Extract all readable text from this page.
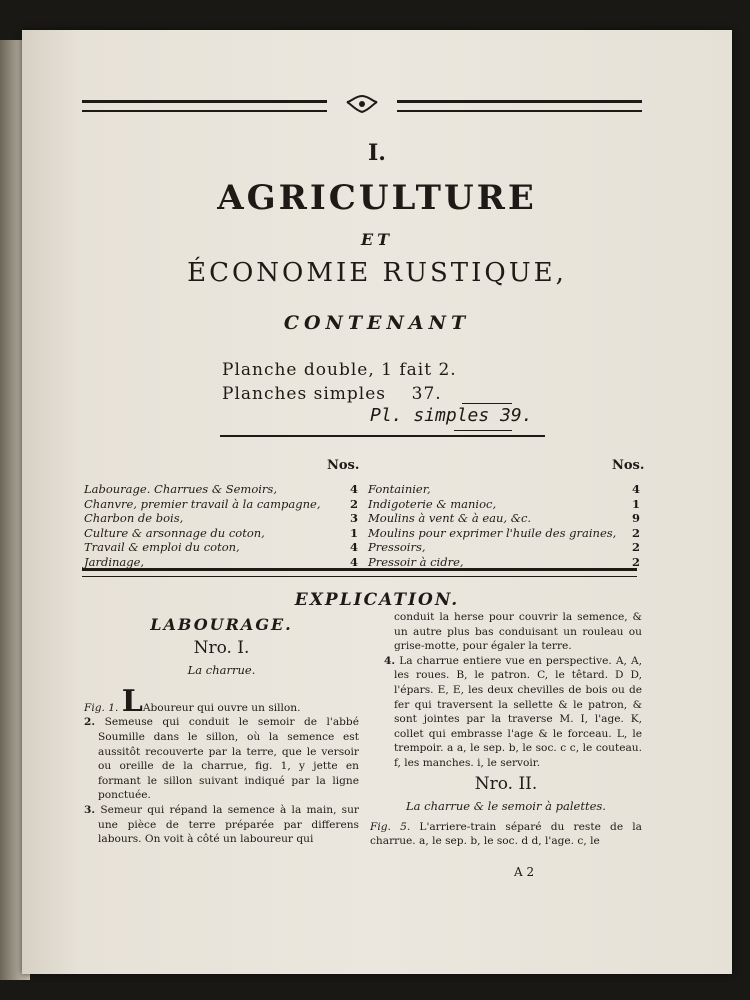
I.
AGRICULTURE
ET
ÉCONOMIE RUSTIQUE,
CONTENANT
Planche double, 1 fait 2.
Planches simples 37.
Pl. simples 39.
Nos.	Nos.
Labourage. Charrues & Semoirs,	4
Chanvre, premier travail à la campagne,	2
Charbon de bois,	3
Culture & arsonnage du coton,	1
Travail & emploi du coton,	4
Jardinage,	4
Fontainier,	4
Indigoterie & manioc,	1
Moulins à vent & à eau, &c.	9
Moulins pour exprimer l'huile des graines, 2
Pressoirs,	2
Pressoir à cidre,	2
EXPLICATION.
LABOURAGE.
Nro. I.
La charrue.

Fig. 1. LAboureur qui ouvre un sillon.

2. Semeuse qui conduit le semoir de l'abbé Soumille dans le sillon, où la semence est aussitôt recouverte par la terre, que le versoir ou oreille de la charrue, fig. 1, y jette en formant le sillon suivant indiqué par la ligne ponctuée.

3. Semeur qui répand la semence à la main, sur une pièce de terre préparée par differens labours. On voit à côté un laboureur qui

conduit la herse pour couvrir la semence, & un autre plus bas conduisant un rouleau ou grise-motte, pour égaler la terre.

4. La charrue entiere vue en perspective. A, A, les roues. B, le patron. C, le têtard. D D, l'épars. E, E, les deux chevilles de bois ou de fer qui traversent la sellette & le patron, & sont jointes par la traverse M. I, l'age. K, collet qui embrasse l'age & le forceau. L, le trempoir. a a, le sep. b, le soc. c c, le couteau. f, les manches. i, le servoir.

Nro. II.
La charrue & le semoir à palettes.

Fig. 5. L'arriere-train séparé du reste de la charrue. a, le sep. b, le soc. d d, l'age. c, le

A 2
